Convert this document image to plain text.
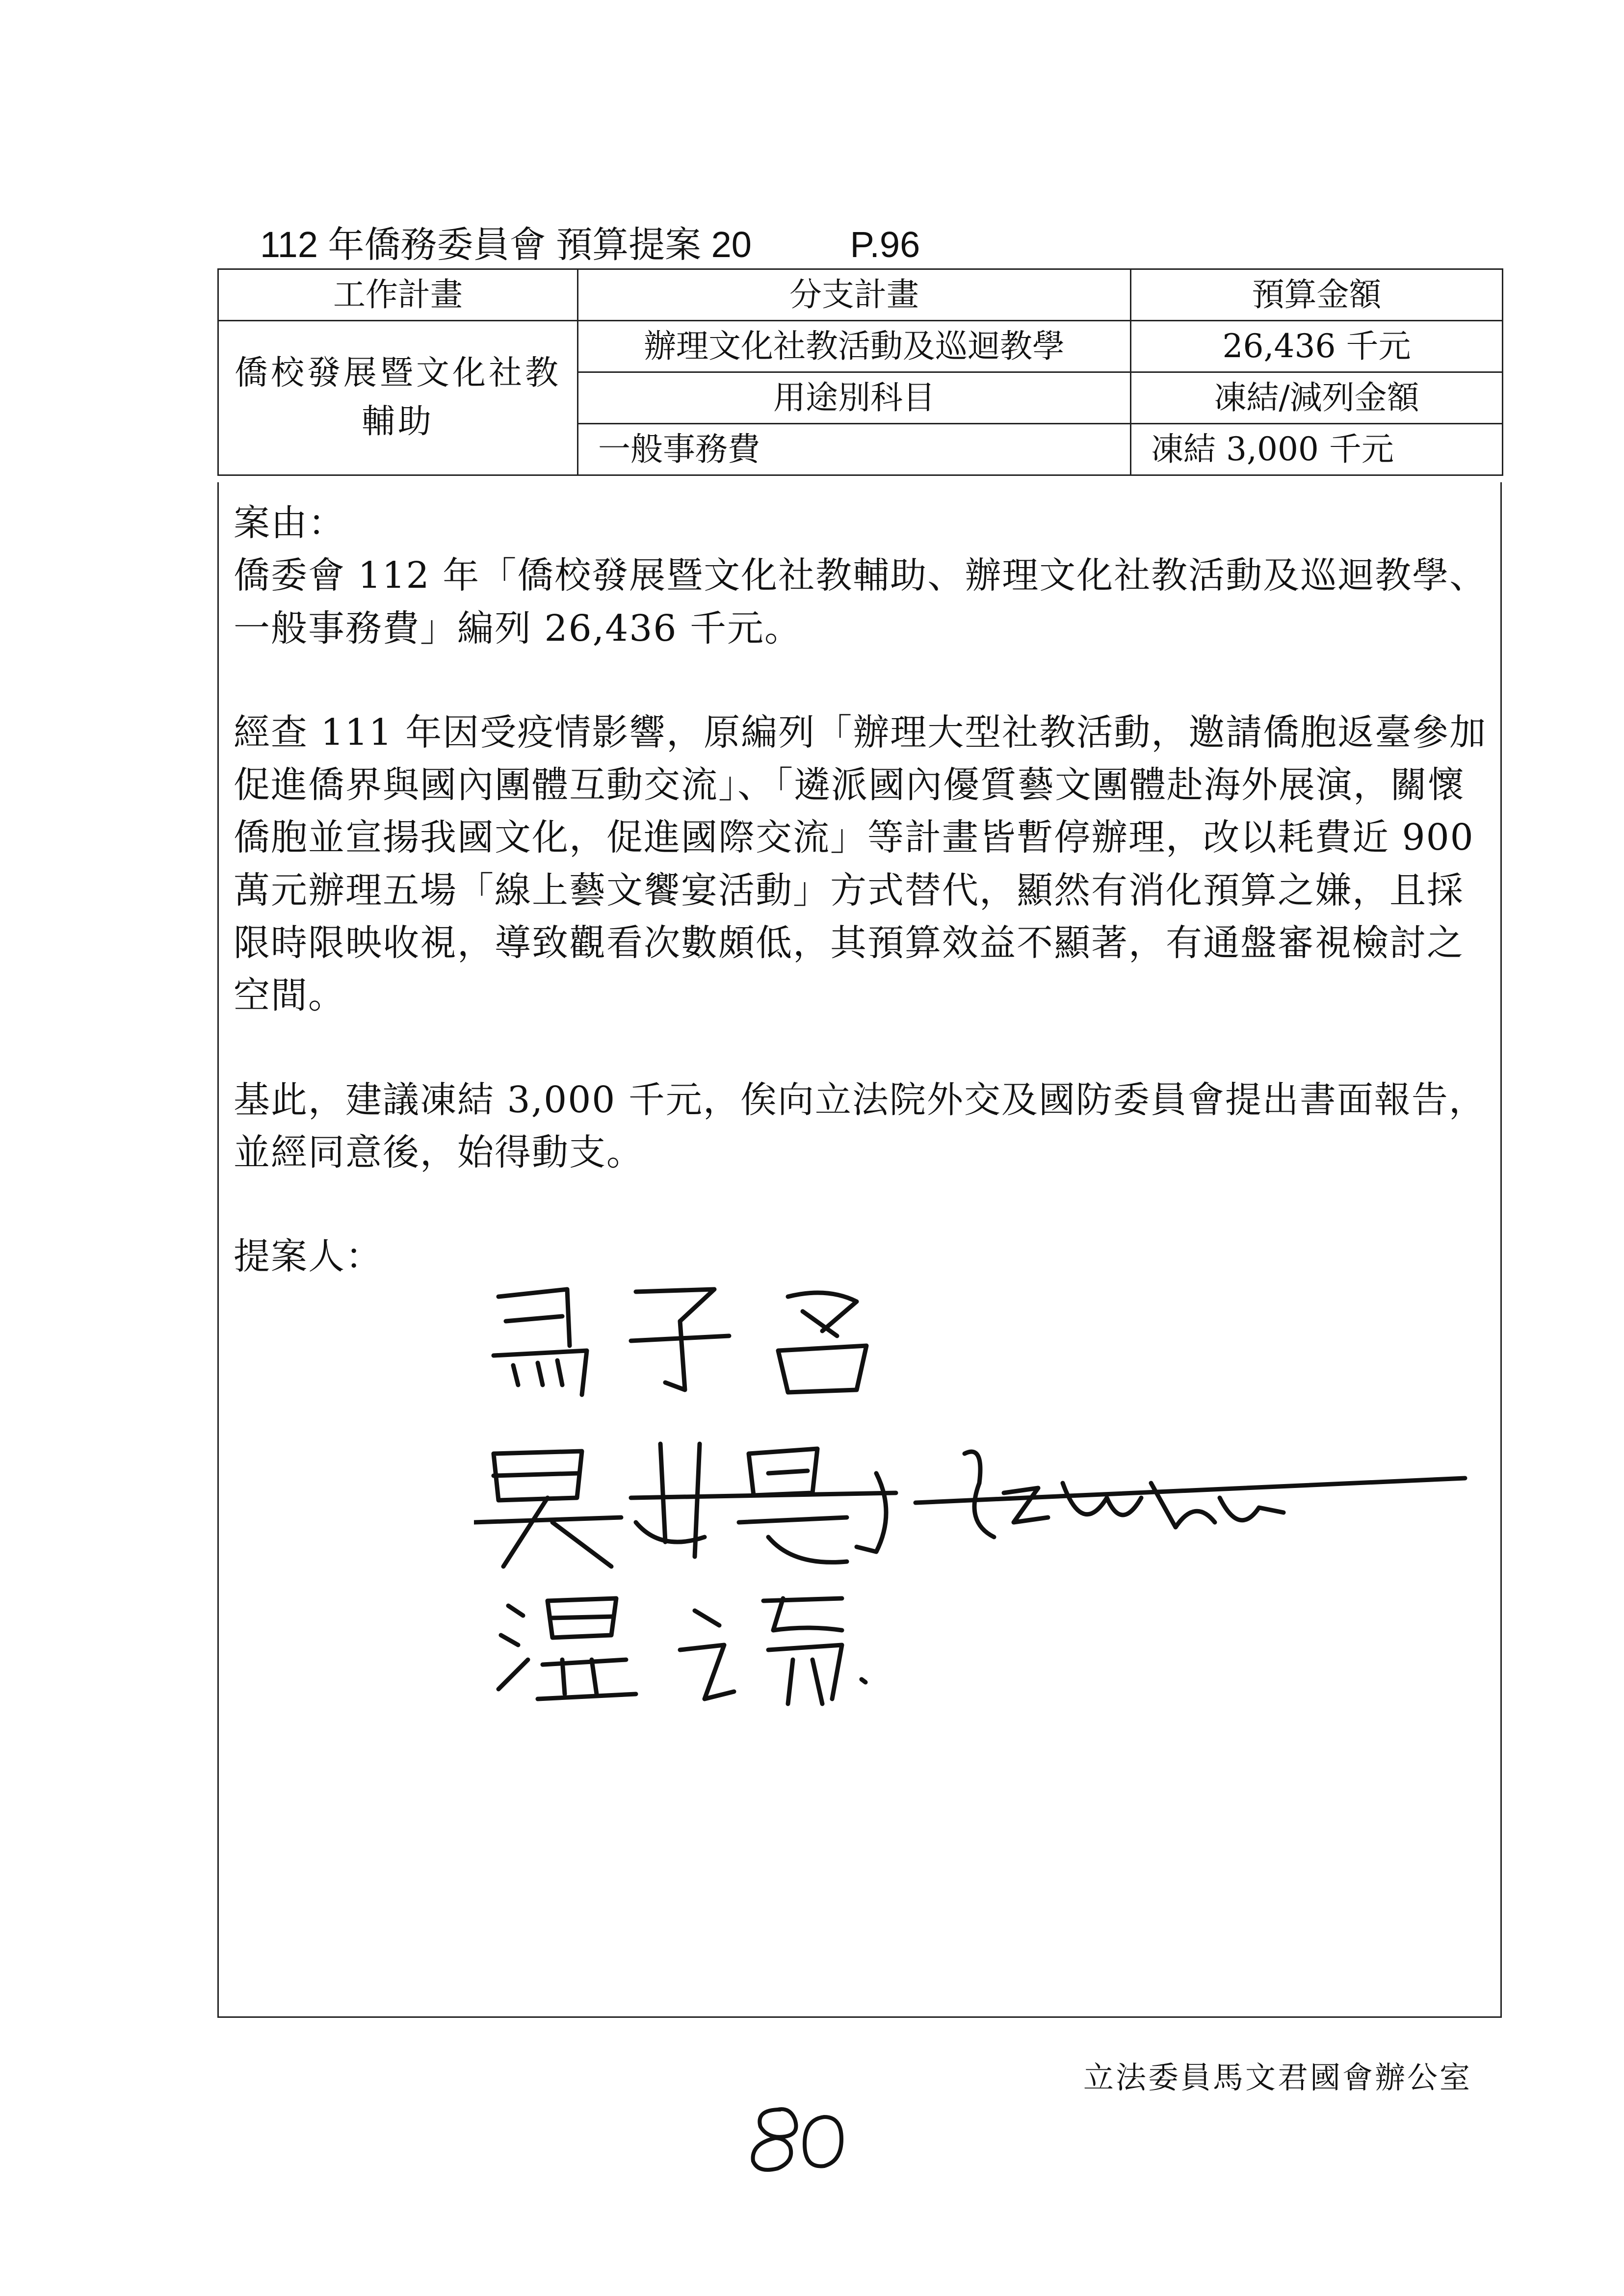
112 年僑務委員會 預算提案 20	P.96
工作計畫	分支計畫	預算金額
僑校發展暨文化社教輔助	辦理文化社教活動及巡迴教學	26,436 千元
	用途別科目	凍結/減列金額
	一般事務費	凍結 3,000 千元

案由：

僑委會 112 年「僑校發展暨文化社教輔助、辦理文化社教活動及巡迴教學、一般事務費」編列 26,436 千元。

經查 111 年因受疫情影響，原編列「辦理大型社教活動，邀請僑胞返臺參加促進僑界與國內團體互動交流」、「遴派國內優質藝文團體赴海外展演，關懷僑胞並宣揚我國文化，促進國際交流」等計畫皆暫停辦理，改以耗費近 900 萬元辦理五場「線上藝文饗宴活動」方式替代，顯然有消化預算之嫌，且採限時限映收視，導致觀看次數頗低，其預算效益不顯著，有通盤審視檢討之空間。

基此，建議凍結 3,000 千元，俟向立法院外交及國防委員會提出書面報告，並經同意後，始得動支。

提案人：

立法委員馬文君國會辦公室
